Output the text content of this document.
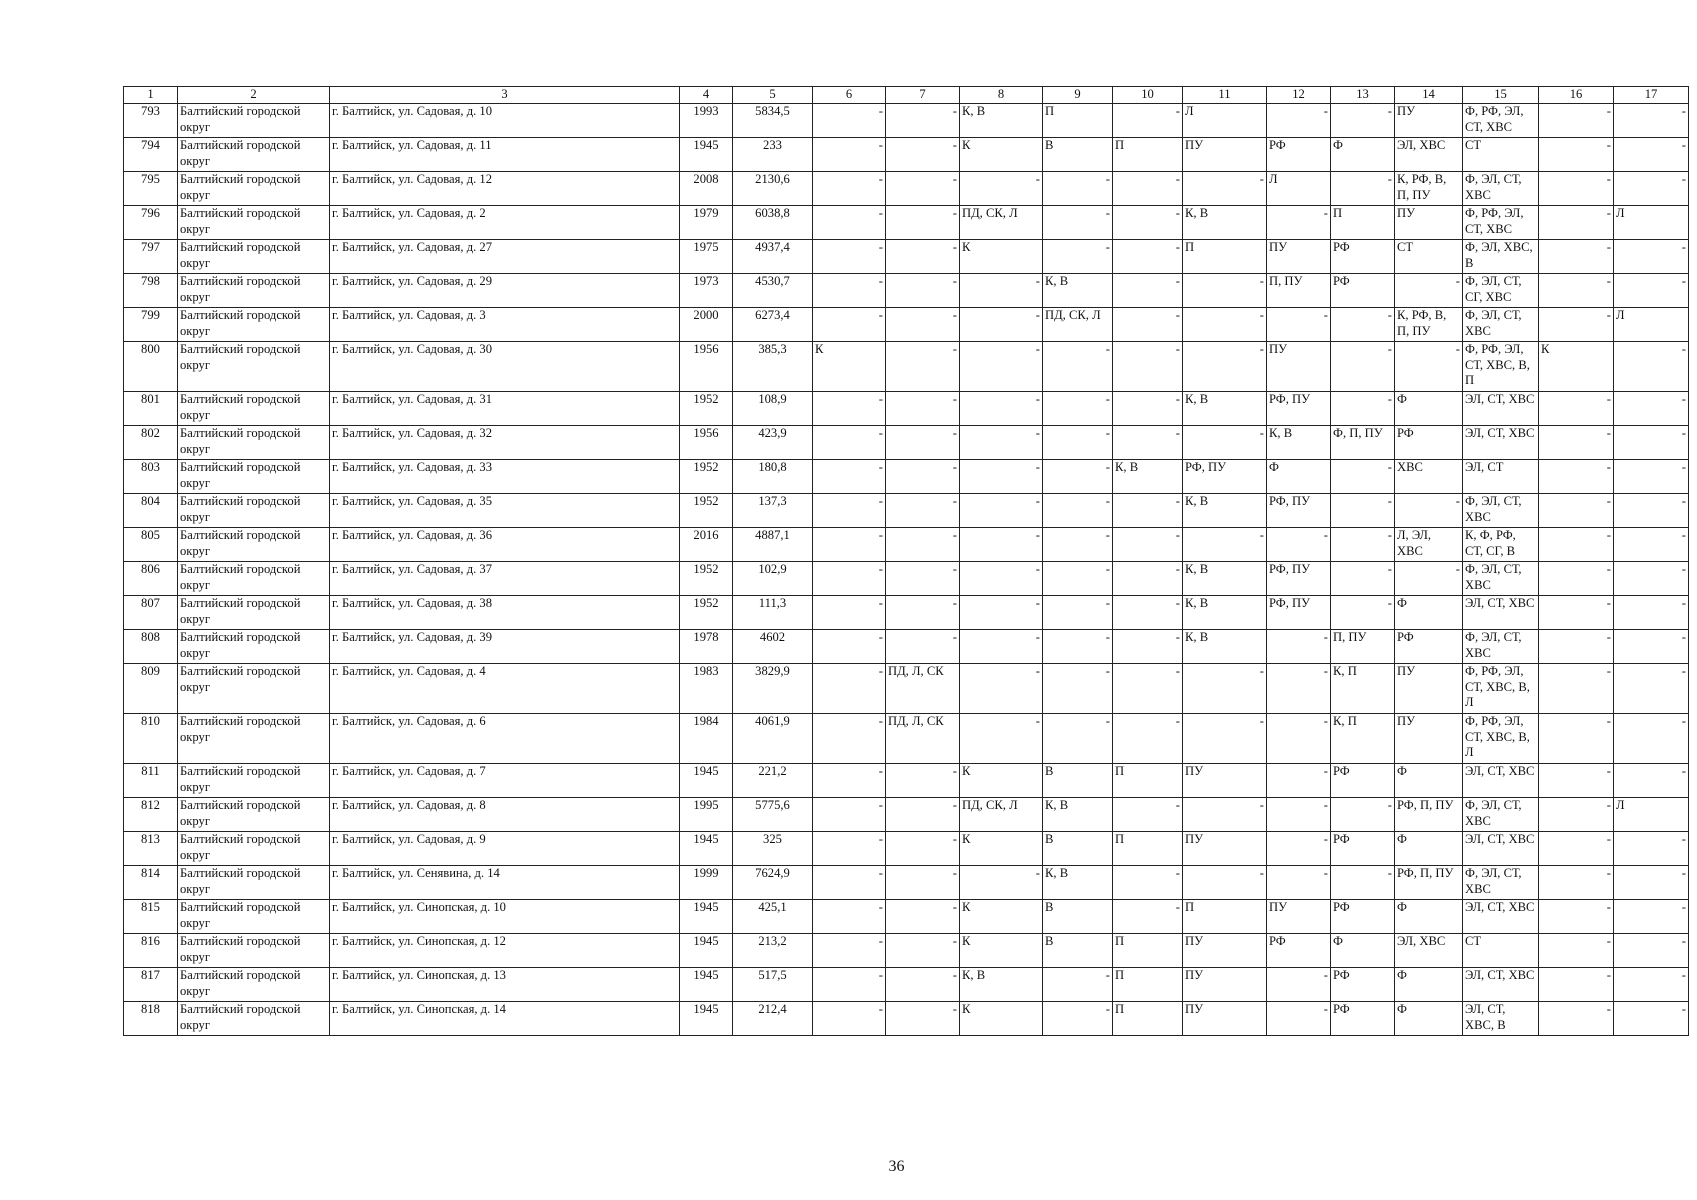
1	2	3	4	5	6	7	8	9	10	11	12	13	14	15	16	17
793	Балтийский городской округ	г. Балтийск, ул. Садовая, д. 10	1993	5834,5	-	-	К, В	П	-	Л	-	-	ПУ	Ф, РФ, ЭЛ, СТ, ХВС	-	-
794	Балтийский городской округ	г. Балтийск, ул. Садовая, д. 11	1945	233	-	-	К	В	П	ПУ	РФ	Ф	ЭЛ, ХВС	СТ	-	-
795	Балтийский городской округ	г. Балтийск, ул. Садовая, д. 12	2008	2130,6	-	-	-	-	-	-	Л	-	К, РФ, В, П, ПУ	Ф, ЭЛ, СТ, ХВС	-	-
796	Балтийский городской округ	г. Балтийск, ул. Садовая, д. 2	1979	6038,8	-	-	ПД, СК, Л	-	-	К, В	-	П	ПУ	Ф, РФ, ЭЛ, СТ, ХВС	-	Л
797	Балтийский городской округ	г. Балтийск, ул. Садовая, д. 27	1975	4937,4	-	-	К	-	-	П	ПУ	РФ	СТ	Ф, ЭЛ, ХВС, В	-	-
798	Балтийский городской округ	г. Балтийск, ул. Садовая, д. 29	1973	4530,7	-	-	-	К, В	-	-	П, ПУ	РФ	-	Ф, ЭЛ, СТ, СГ, ХВС	-	-
799	Балтийский городской округ	г. Балтийск, ул. Садовая, д. 3	2000	6273,4	-	-	-	ПД, СК, Л	-	-	-	-	К, РФ, В, П, ПУ	Ф, ЭЛ, СТ, ХВС	-	Л
800	Балтийский городской округ	г. Балтийск, ул. Садовая, д. 30	1956	385,3	К	-	-	-	-	-	ПУ	-	-	Ф, РФ, ЭЛ, СТ, ХВС, В, П	К	-
801	Балтийский городской округ	г. Балтийск, ул. Садовая, д. 31	1952	108,9	-	-	-	-	-	К, В	РФ, ПУ	-	Ф	ЭЛ, СТ, ХВС	-	-
802	Балтийский городской округ	г. Балтийск, ул. Садовая, д. 32	1956	423,9	-	-	-	-	-	-	К, В	Ф, П, ПУ	РФ	ЭЛ, СТ, ХВС	-	-
803	Балтийский городской округ	г. Балтийск, ул. Садовая, д. 33	1952	180,8	-	-	-	-	К, В	РФ, ПУ	Ф	-	ХВС	ЭЛ, СТ	-	-
804	Балтийский городской округ	г. Балтийск, ул. Садовая, д. 35	1952	137,3	-	-	-	-	-	К, В	РФ, ПУ	-	-	Ф, ЭЛ, СТ, ХВС	-	-
805	Балтийский городской округ	г. Балтийск, ул. Садовая, д. 36	2016	4887,1	-	-	-	-	-	-	-	-	Л, ЭЛ, ХВС	К, Ф, РФ, СТ, СГ, В	-	-
806	Балтийский городской округ	г. Балтийск, ул. Садовая, д. 37	1952	102,9	-	-	-	-	-	К, В	РФ, ПУ	-	-	Ф, ЭЛ, СТ, ХВС	-	-
807	Балтийский городской округ	г. Балтийск, ул. Садовая, д. 38	1952	111,3	-	-	-	-	-	К, В	РФ, ПУ	-	Ф	ЭЛ, СТ, ХВС	-	-
808	Балтийский городской округ	г. Балтийск, ул. Садовая, д. 39	1978	4602	-	-	-	-	-	К, В	-	П, ПУ	РФ	Ф, ЭЛ, СТ, ХВС	-	-
809	Балтийский городской округ	г. Балтийск, ул. Садовая, д. 4	1983	3829,9	-	ПД, Л, СК	-	-	-	-	-	К, П	ПУ	Ф, РФ, ЭЛ, СТ, ХВС, В, Л	-	-
810	Балтийский городской округ	г. Балтийск, ул. Садовая, д. 6	1984	4061,9	-	ПД, Л, СК	-	-	-	-	-	К, П	ПУ	Ф, РФ, ЭЛ, СТ, ХВС, В, Л	-	-
811	Балтийский городской округ	г. Балтийск, ул. Садовая, д. 7	1945	221,2	-	-	К	В	П	ПУ	-	РФ	Ф	ЭЛ, СТ, ХВС	-	-
812	Балтийский городской округ	г. Балтийск, ул. Садовая, д. 8	1995	5775,6	-	-	ПД, СК, Л	К, В	-	-	-	-	РФ, П, ПУ	Ф, ЭЛ, СТ, ХВС	-	Л
813	Балтийский городской округ	г. Балтийск, ул. Садовая, д. 9	1945	325	-	-	К	В	П	ПУ	-	РФ	Ф	ЭЛ, СТ, ХВС	-	-
814	Балтийский городской округ	г. Балтийск, ул. Сенявина, д. 14	1999	7624,9	-	-	-	К, В	-	-	-	-	РФ, П, ПУ	Ф, ЭЛ, СТ, ХВС	-	-
815	Балтийский городской округ	г. Балтийск, ул. Синопская, д. 10	1945	425,1	-	-	К	В	-	П	ПУ	РФ	Ф	ЭЛ, СТ, ХВС	-	-
816	Балтийский городской округ	г. Балтийск, ул. Синопская, д. 12	1945	213,2	-	-	К	В	П	ПУ	РФ	Ф	ЭЛ, ХВС	СТ	-	-
817	Балтийский городской округ	г. Балтийск, ул. Синопская, д. 13	1945	517,5	-	-	К, В	-	П	ПУ	-	РФ	Ф	ЭЛ, СТ, ХВС	-	-
818	Балтийский городской округ	г. Балтийск, ул. Синопская, д. 14	1945	212,4	-	-	К	-	П	ПУ	-	РФ	Ф	ЭЛ, СТ, ХВС, В	-	-
36
